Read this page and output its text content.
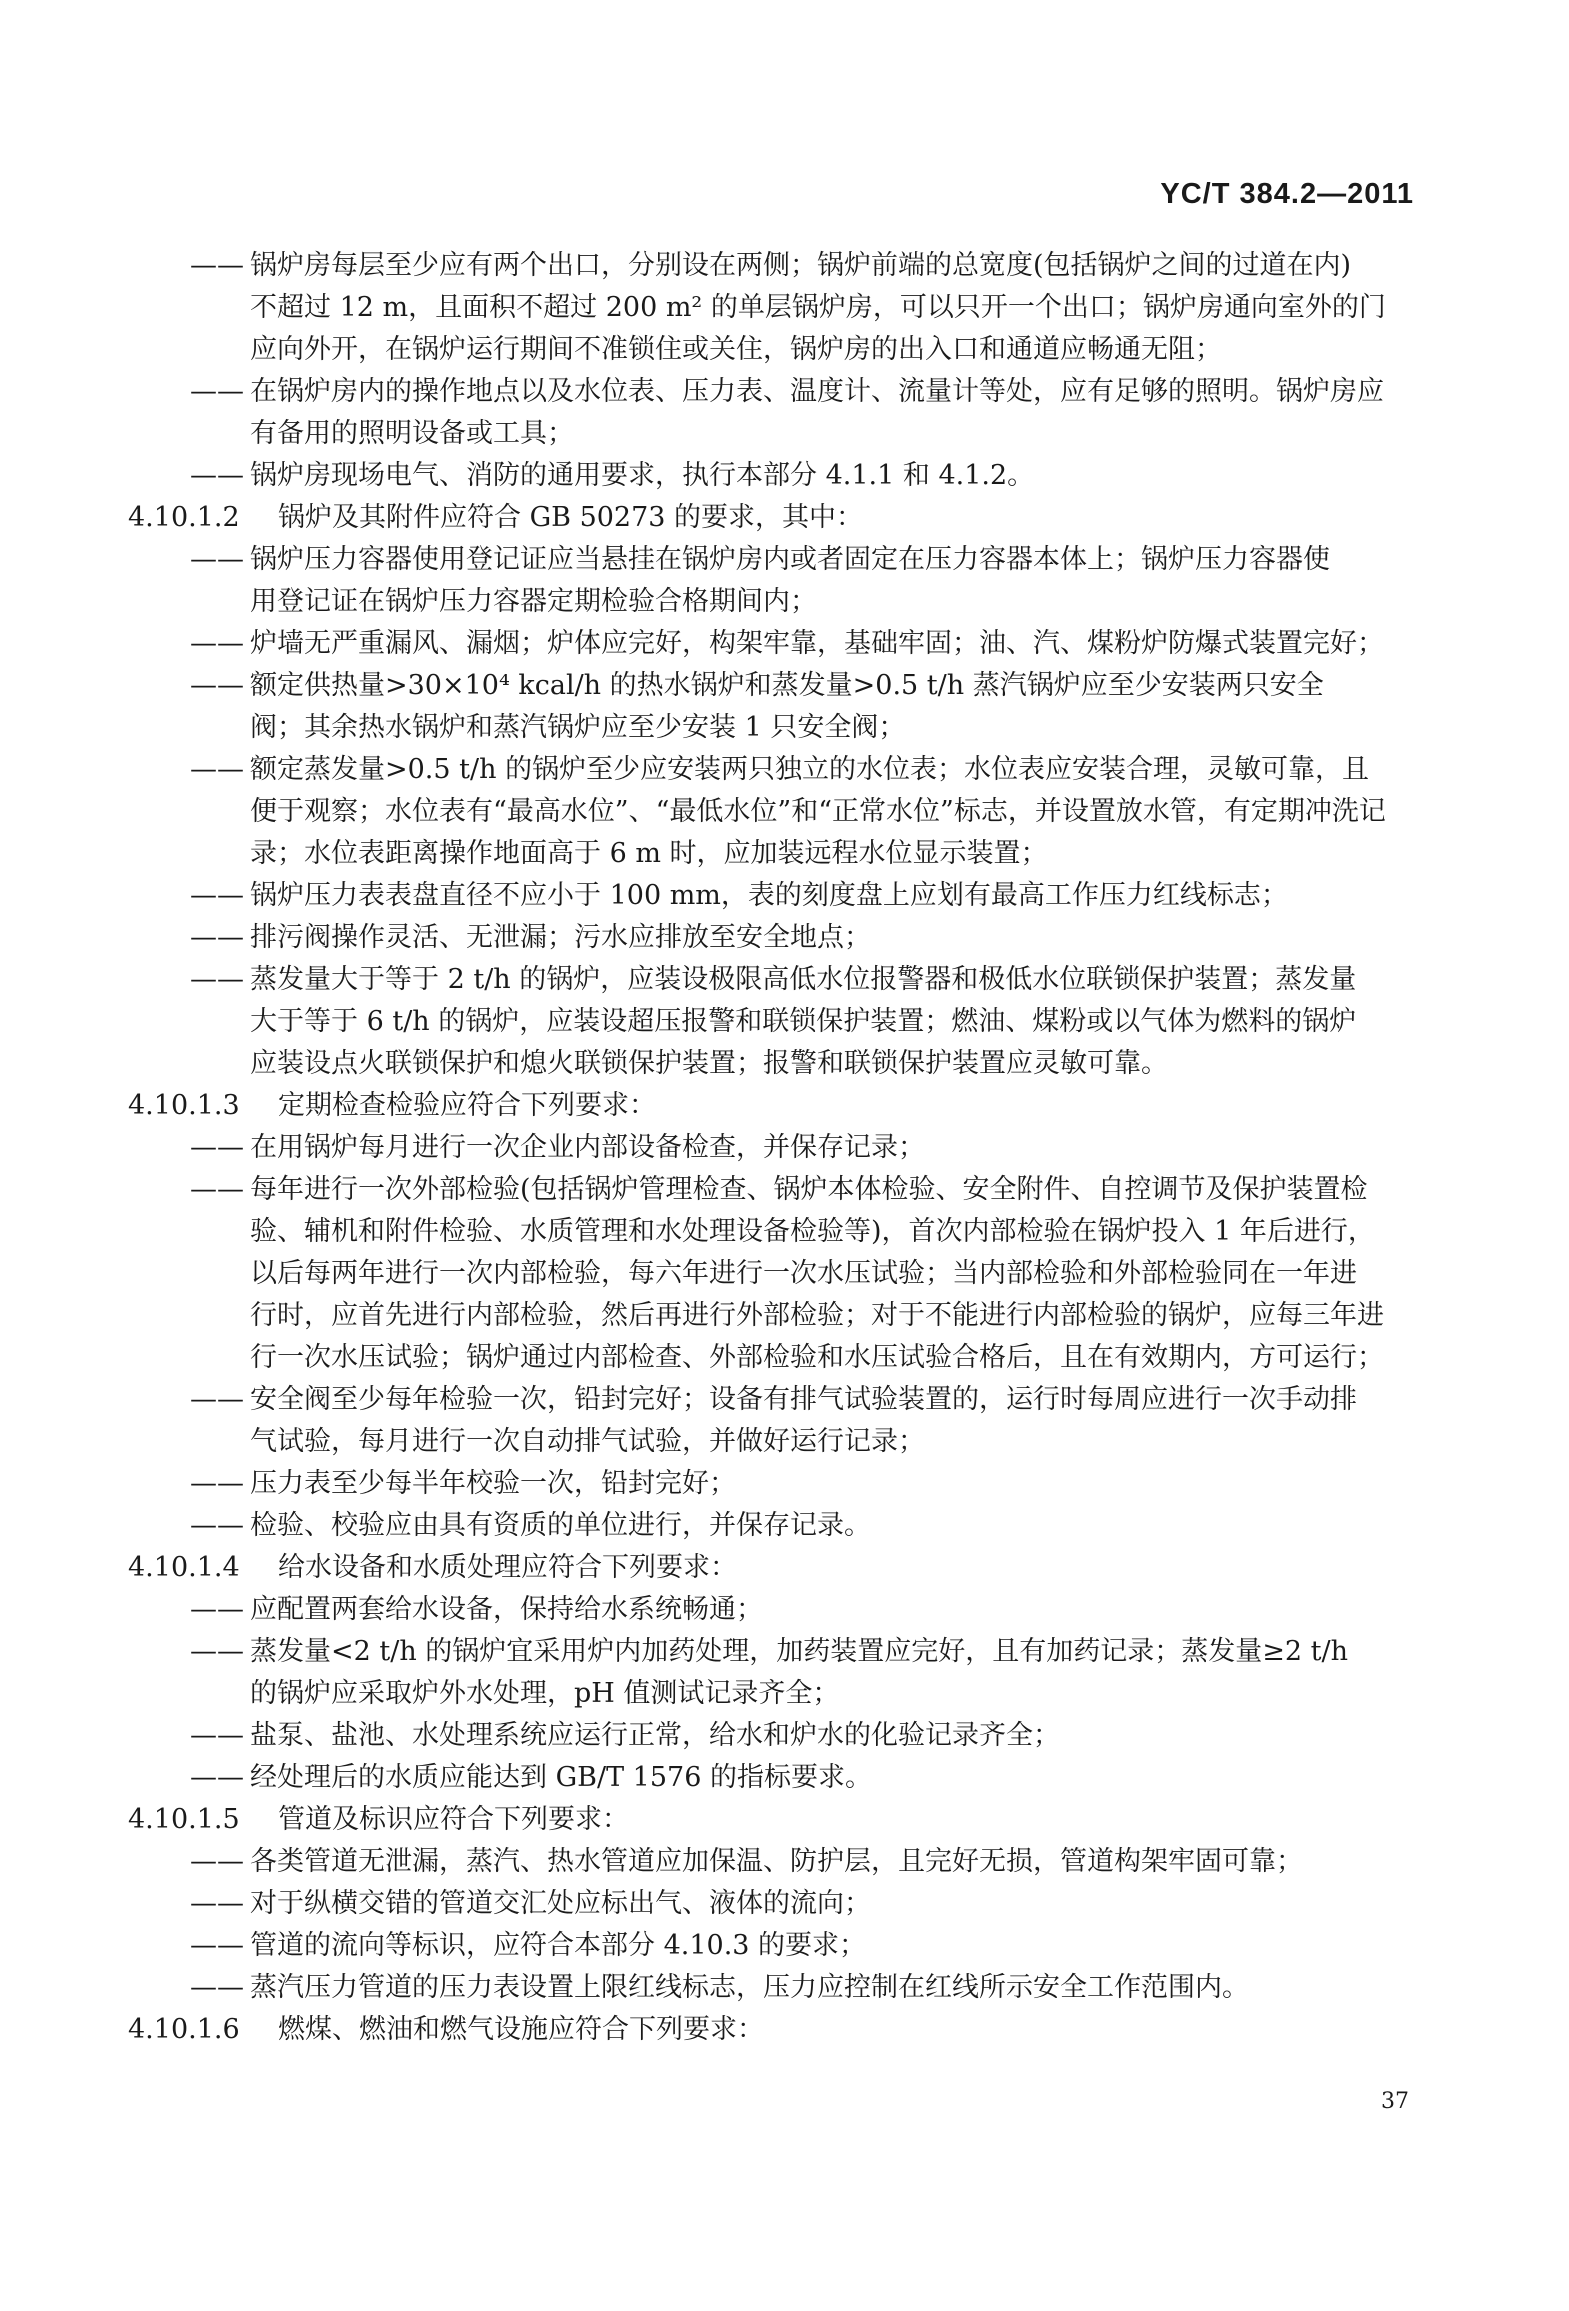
YC/T 384.2—2011
—— 锅炉房每层至少应有两个出口，分别设在两侧；锅炉前端的总宽度(包括锅炉之间的过道在内)
不超过 12 m，且面积不超过 200 m² 的单层锅炉房，可以只开一个出口；锅炉房通向室外的门
应向外开，在锅炉运行期间不准锁住或关住，锅炉房的出入口和通道应畅通无阻；
—— 在锅炉房内的操作地点以及水位表、压力表、温度计、流量计等处，应有足够的照明。锅炉房应
有备用的照明设备或工具；
—— 锅炉房现场电气、消防的通用要求，执行本部分 4.1.1 和 4.1.2。
4.10.1.2 锅炉及其附件应符合 GB 50273 的要求，其中：
—— 锅炉压力容器使用登记证应当悬挂在锅炉房内或者固定在压力容器本体上；锅炉压力容器使
用登记证在锅炉压力容器定期检验合格期间内；
—— 炉墙无严重漏风、漏烟；炉体应完好，构架牢靠，基础牢固；油、汽、煤粉炉防爆式装置完好；
—— 额定供热量>30×10⁴ kcal/h 的热水锅炉和蒸发量>0.5 t/h 蒸汽锅炉应至少安装两只安全
阀；其余热水锅炉和蒸汽锅炉应至少安装 1 只安全阀；
—— 额定蒸发量>0.5 t/h 的锅炉至少应安装两只独立的水位表；水位表应安装合理，灵敏可靠，且
便于观察；水位表有“最高水位”、“最低水位”和“正常水位”标志，并设置放水管，有定期冲洗记
录；水位表距离操作地面高于 6 m 时，应加装远程水位显示装置；
—— 锅炉压力表表盘直径不应小于 100 mm，表的刻度盘上应划有最高工作压力红线标志；
—— 排污阀操作灵活、无泄漏；污水应排放至安全地点；
—— 蒸发量大于等于 2 t/h 的锅炉，应装设极限高低水位报警器和极低水位联锁保护装置；蒸发量
大于等于 6 t/h 的锅炉，应装设超压报警和联锁保护装置；燃油、煤粉或以气体为燃料的锅炉
应装设点火联锁保护和熄火联锁保护装置；报警和联锁保护装置应灵敏可靠。
4.10.1.3 定期检查检验应符合下列要求：
—— 在用锅炉每月进行一次企业内部设备检查，并保存记录；
—— 每年进行一次外部检验(包括锅炉管理检查、锅炉本体检验、安全附件、自控调节及保护装置检
验、辅机和附件检验、水质管理和水处理设备检验等)，首次内部检验在锅炉投入 1 年后进行，
以后每两年进行一次内部检验，每六年进行一次水压试验；当内部检验和外部检验同在一年进
行时，应首先进行内部检验，然后再进行外部检验；对于不能进行内部检验的锅炉，应每三年进
行一次水压试验；锅炉通过内部检查、外部检验和水压试验合格后，且在有效期内，方可运行；
—— 安全阀至少每年检验一次，铅封完好；设备有排气试验装置的，运行时每周应进行一次手动排
气试验，每月进行一次自动排气试验，并做好运行记录；
—— 压力表至少每半年校验一次，铅封完好；
—— 检验、校验应由具有资质的单位进行，并保存记录。
4.10.1.4 给水设备和水质处理应符合下列要求：
—— 应配置两套给水设备，保持给水系统畅通；
—— 蒸发量<2 t/h 的锅炉宜采用炉内加药处理，加药装置应完好，且有加药记录；蒸发量≥2 t/h
的锅炉应采取炉外水处理，pH 值测试记录齐全；
—— 盐泵、盐池、水处理系统应运行正常，给水和炉水的化验记录齐全；
—— 经处理后的水质应能达到 GB/T 1576 的指标要求。
4.10.1.5 管道及标识应符合下列要求：
—— 各类管道无泄漏，蒸汽、热水管道应加保温、防护层，且完好无损，管道构架牢固可靠；
—— 对于纵横交错的管道交汇处应标出气、液体的流向；
—— 管道的流向等标识，应符合本部分 4.10.3 的要求；
—— 蒸汽压力管道的压力表设置上限红线标志，压力应控制在红线所示安全工作范围内。
4.10.1.6 燃煤、燃油和燃气设施应符合下列要求：
37
